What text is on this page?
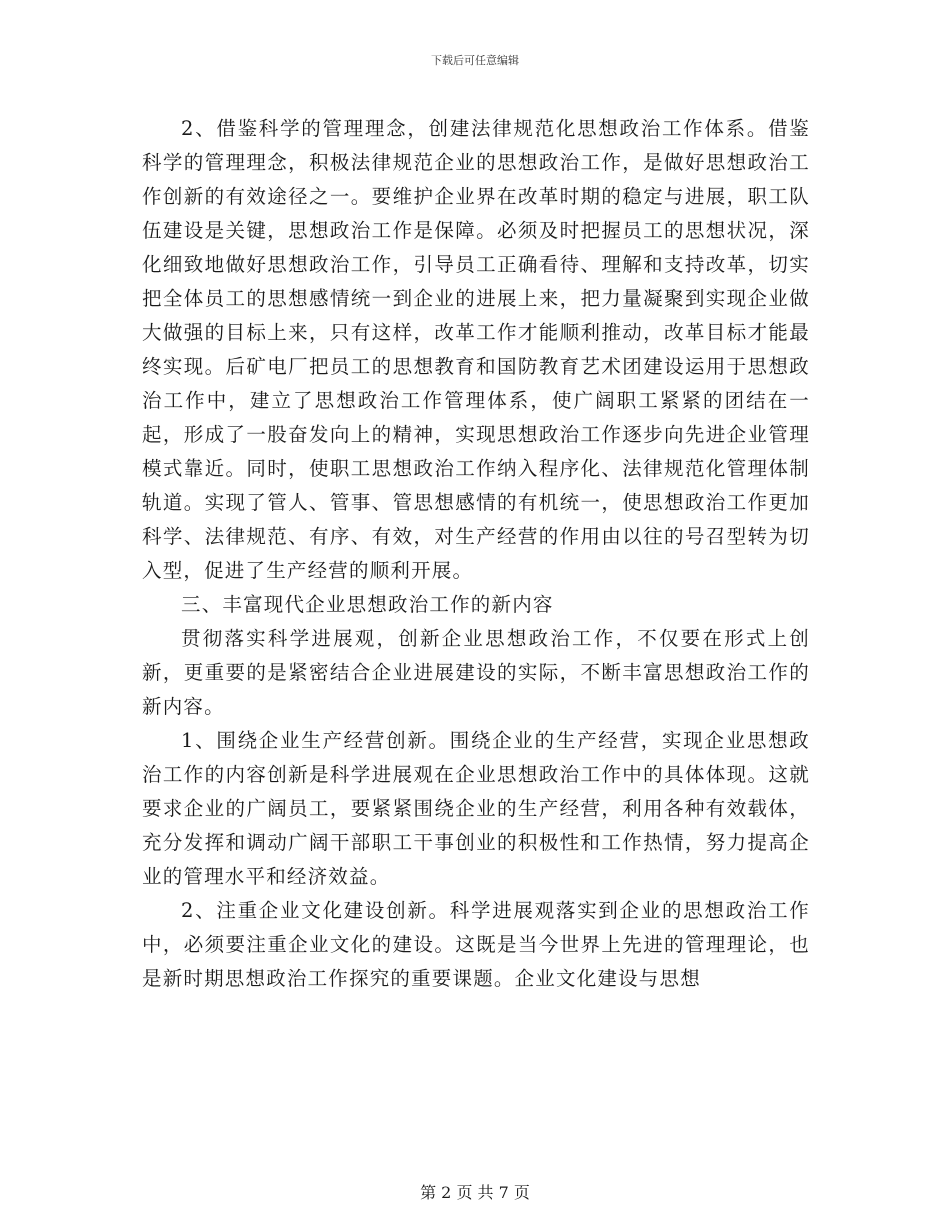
下载后可任意编辑

2、借鉴科学的管理理念，创建法律规范化思想政治工作体系。借鉴科学的管理理念，积极法律规范企业的思想政治工作，是做好思想政治工作创新的有效途径之一。要维护企业界在改革时期的稳定与进展，职工队伍建设是关键，思想政治工作是保障。必须及时把握员工的思想状况，深化细致地做好思想政治工作，引导员工正确看待、理解和支持改革，切实把全体员工的思想感情统一到企业的进展上来，把力量凝聚到实现企业做大做强的目标上来，只有这样，改革工作才能顺利推动，改革目标才能最终实现。后矿电厂把员工的思想教育和国防教育艺术团建设运用于思想政治工作中，建立了思想政治工作管理体系，使广阔职工紧紧的团结在一起，形成了一股奋发向上的精神，实现思想政治工作逐步向先进企业管理模式靠近。同时，使职工思想政治工作纳入程序化、法律规范化管理体制轨道。实现了管人、管事、管思想感情的有机统一，使思想政治工作更加科学、法律规范、有序、有效，对生产经营的作用由以往的号召型转为切入型，促进了生产经营的顺利开展。

三、丰富现代企业思想政治工作的新内容

贯彻落实科学进展观，创新企业思想政治工作，不仅要在形式上创新，更重要的是紧密结合企业进展建设的实际，不断丰富思想政治工作的新内容。

1、围绕企业生产经营创新。围绕企业的生产经营，实现企业思想政治工作的内容创新是科学进展观在企业思想政治工作中的具体体现。这就要求企业的广阔员工，要紧紧围绕企业的生产经营，利用各种有效载体，充分发挥和调动广阔干部职工干事创业的积极性和工作热情，努力提高企业的管理水平和经济效益。

2、注重企业文化建设创新。科学进展观落实到企业的思想政治工作中，必须要注重企业文化的建设。这既是当今世界上先进的管理理论，也是新时期思想政治工作探究的重要课题。企业文化建设与思想

第 2 页 共 7 页
